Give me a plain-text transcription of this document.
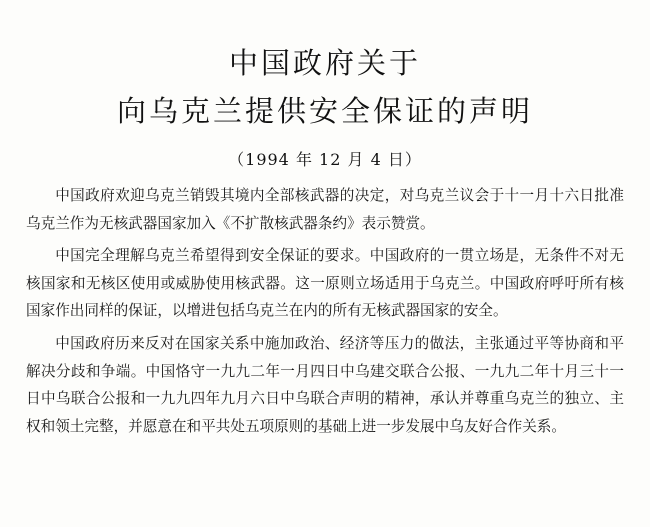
中国政府关于
向乌克兰提供安全保证的声明
（1994 年 12 月 4 日）

中国政府欢迎乌克兰销毁其境内全部核武器的决定，对乌克兰议会于十一月十六日批准乌克兰作为无核武器国家加入《不扩散核武器条约》表示赞赏。

中国完全理解乌克兰希望得到安全保证的要求。中国政府的一贯立场是，无条件不对无核国家和无核区使用或威胁使用核武器。这一原则立场适用于乌克兰。中国政府呼吁所有核国家作出同样的保证，以增进包括乌克兰在内的所有无核武器国家的安全。

中国政府历来反对在国家关系中施加政治、经济等压力的做法，主张通过平等协商和平解决分歧和争端。中国恪守一九九二年一月四日中乌建交联合公报、一九九二年十月三十一日中乌联合公报和一九九四年九月六日中乌联合声明的精神，承认并尊重乌克兰的独立、主权和领土完整，并愿意在和平共处五项原则的基础上进一步发展中乌友好合作关系。
